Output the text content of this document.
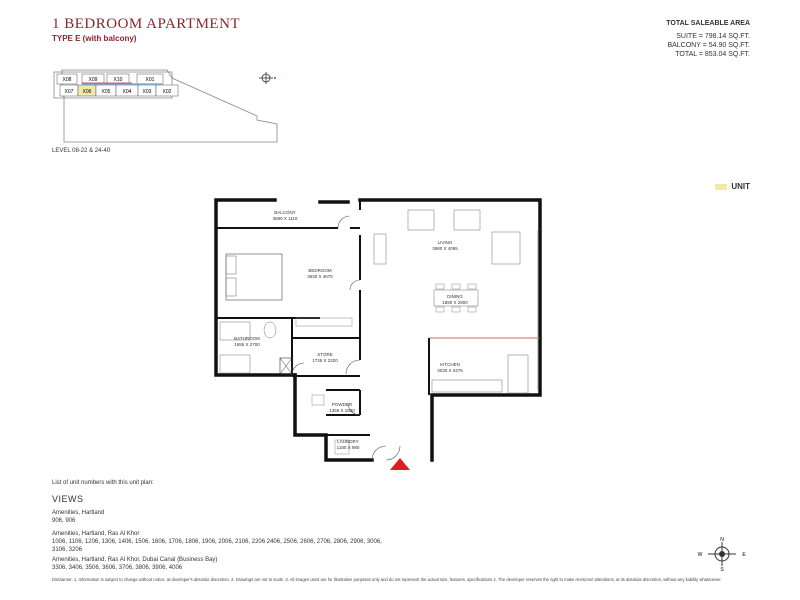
1 BEDROOM APARTMENT
TYPE E (with balcony)
TOTAL SALEABLE AREA
SUITE = 798.14 SQ.FT.
BALCONY = 54.90 SQ.FT.
TOTAL = 853.04 SQ.FT.
X08	X09	X10	X01
X07 X06 X05 X04 X03 X02
LEVEL 08-22 & 24-40
UNIT
BALCONY
3590 X 1110
BEDROOM
3630 X 4670
BATHROOM
1655 X 2700
STORE
1735 X 2320
POWDER
1355 X 1650
LAUNDRY
1180 X 980
LIVING
3980 X 4095
DINING
1890 X 2800
KITCHEN
3030 X 3475
List of unit numbers with this unit plan:
VIEWS
Amenities, Hartland
906, 906
Amenities, Hartland, Ras Al Khor
1006, 1106, 1206, 1306, 1406, 1506, 1606, 1706, 1806, 1906, 2006, 2106, 2206 2406, 2506, 2606, 2706, 2806, 2906, 3006, 3106, 3206
Amenities, Hartland, Ras Al Khor, Dubai Canal (Business Bay)
3306, 3406, 3506, 3606, 3706, 3806, 3906, 4006
N
S
W	E
Disclaimer: 1. Information is subject to change without notice, at developer's absolute discretion. 2. Drawings are not to scale. 3. All images used are for illustrative purposes only and do not represent the actual size, features, specifications 4. The developer reserves the right to make revisions/ alterations, at its absolute discretion, without any liability whatsoever.
